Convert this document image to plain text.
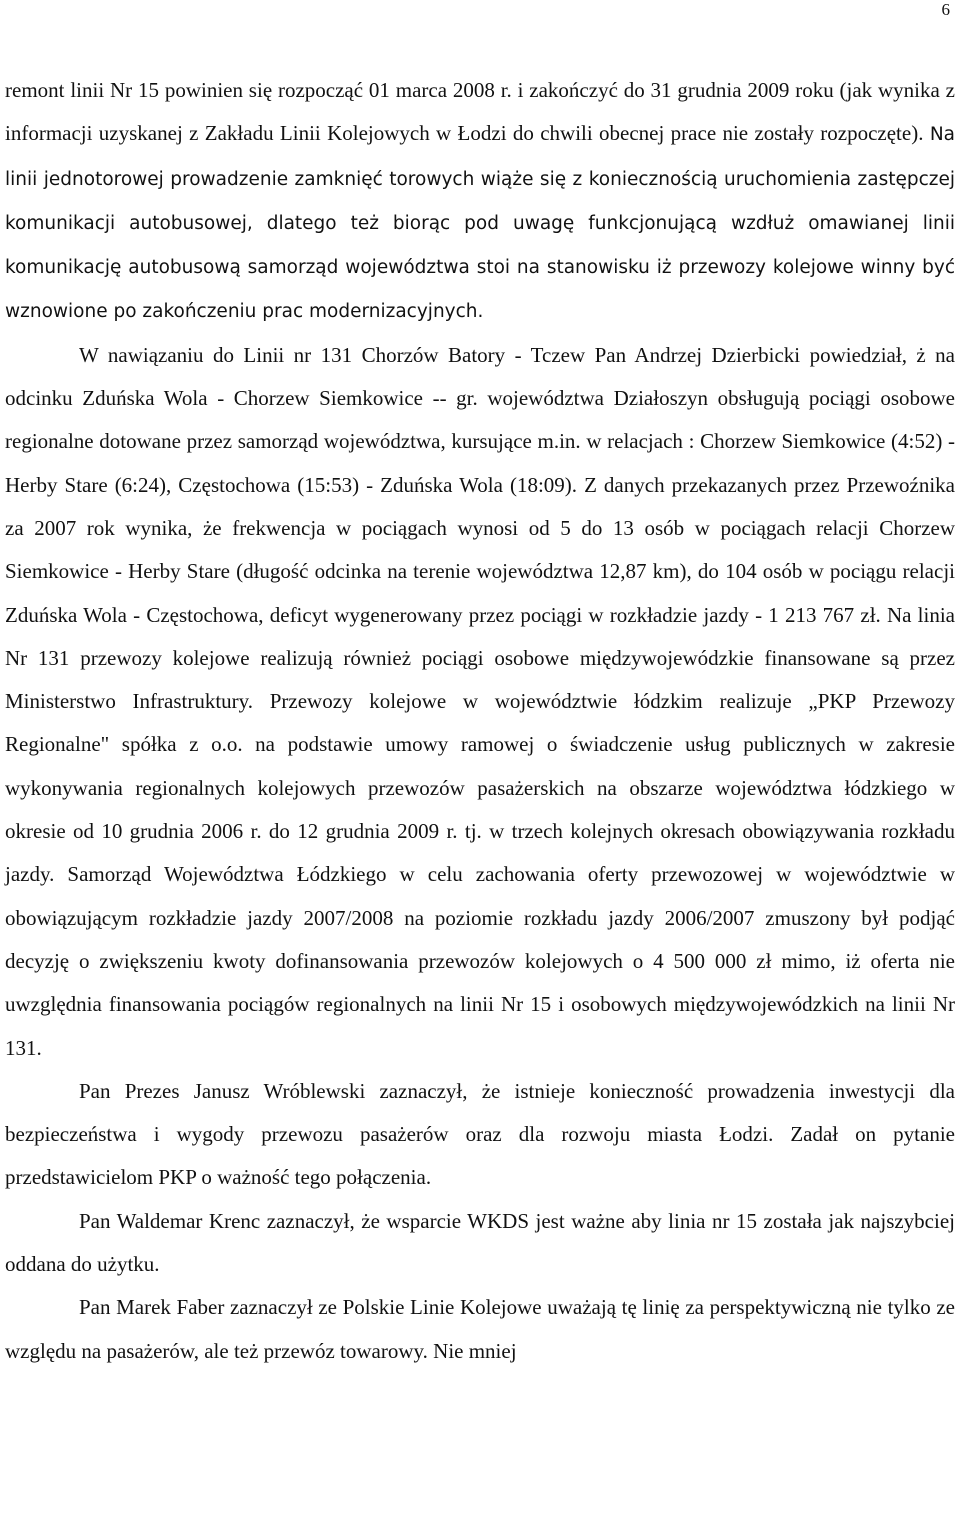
6

remont linii Nr 15 powinien się rozpocząć 01 marca 2008 r. i zakończyć do 31 grudnia 2009 roku (jak wynika z informacji uzyskanej z Zakładu Linii Kolejowych w Łodzi do chwili obecnej prace nie zostały rozpoczęte). Na linii jednotorowej prowadzenie zamknięć torowych wiąże się z koniecznością uruchomienia zastępczej komunikacji autobusowej, dlatego też biorąc pod uwagę funkcjonującą wzdłuż omawianej linii komunikację autobusową samorząd województwa stoi na stanowisku iż przewozy kolejowe winny być wznowione po zakończeniu prac modernizacyjnych.

W nawiązaniu do Linii nr 131 Chorzów Batory - Tczew Pan Andrzej Dzierbicki powiedział, ż na odcinku Zduńska Wola - Chorzew Siemkowice -- gr. województwa Działoszyn obsługują pociągi osobowe regionalne dotowane przez samorząd województwa, kursujące m.in. w relacjach : Chorzew Siemkowice (4:52) - Herby Stare (6:24), Częstochowa (15:53) - Zduńska Wola (18:09). Z danych przekazanych przez Przewoźnika za 2007 rok wynika, że frekwencja w pociągach wynosi od 5 do 13 osób w pociągach relacji Chorzew Siemkowice - Herby Stare (długość odcinka na terenie województwa 12,87 km), do 104 osób w pociągu relacji Zduńska Wola - Częstochowa, deficyt wygenerowany przez pociągi w rozkładzie jazdy - 1 213 767 zł. Na linia Nr 131 przewozy kolejowe realizują również pociągi osobowe międzywojewódzkie finansowane są przez Ministerstwo Infrastruktury. Przewozy kolejowe w województwie łódzkim realizuje „PKP Przewozy Regionalne" spółka z o.o. na podstawie umowy ramowej o świadczenie usług publicznych w zakresie wykonywania regionalnych kolejowych przewozów pasażerskich na obszarze województwa łódzkiego w okresie od 10 grudnia 2006 r. do 12 grudnia 2009 r. tj. w trzech kolejnych okresach obowiązywania rozkładu jazdy. Samorząd Województwa Łódzkiego w celu zachowania oferty przewozowej w województwie w obowiązującym rozkładzie jazdy 2007/2008 na poziomie rozkładu jazdy 2006/2007 zmuszony był podjąć decyzję o zwiększeniu kwoty dofinansowania przewozów kolejowych o 4 500 000 zł mimo, iż oferta nie uwzględnia finansowania pociągów regionalnych na linii Nr 15 i osobowych międzywojewódzkich na linii Nr 131.

Pan Prezes Janusz Wróblewski zaznaczył, że istnieje konieczność prowadzenia inwestycji dla bezpieczeństwa i wygody przewozu pasażerów oraz dla rozwoju miasta Łodzi. Zadał on pytanie przedstawicielom PKP o ważność tego połączenia.

Pan Waldemar Krenc zaznaczył, że wsparcie WKDS jest ważne aby linia nr 15 została jak najszybciej oddana do użytku.

Pan Marek Faber zaznaczył ze Polskie Linie Kolejowe uważają tę linię za perspektywiczną nie tylko ze względu na pasażerów, ale też przewóz towarowy. Nie mniej
